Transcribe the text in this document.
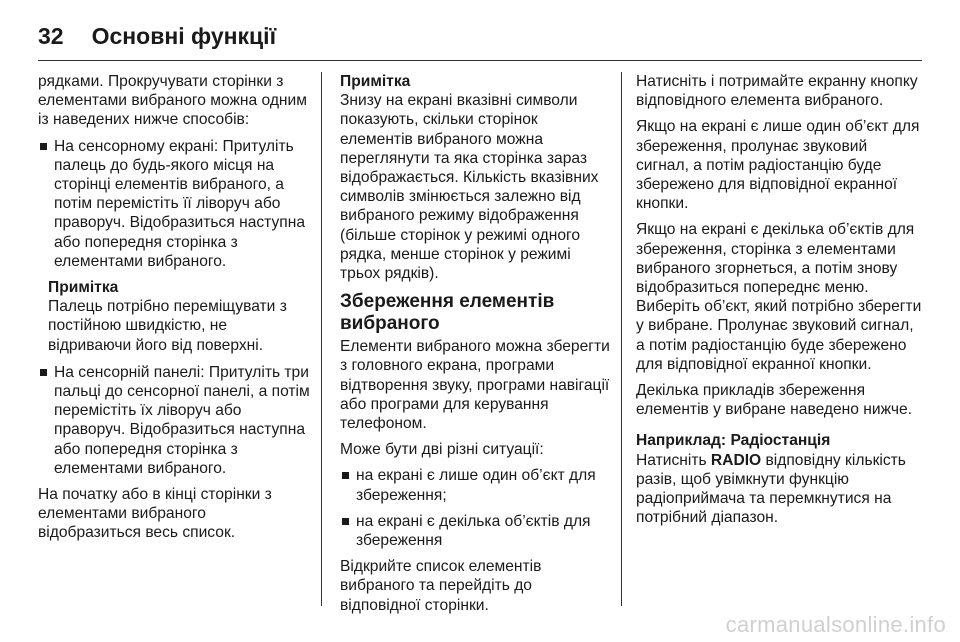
32 Основні функції

рядками. Прокручувати сторінки з елементами вибраного можна одним із наведених нижче способів:

На сенсорному екрані: Притуліть палець до будь-якого місця на сторінці елементів вибраного, а потім перемістіть її ліворуч або праворуч. Відобразиться наступна або попередня сторінка з елементами вибраного.
Примітка
Палець потрібно переміщувати з постійною швидкістю, не відриваючи його від поверхні.
На сенсорній панелі: Притуліть три пальці до сенсорної панелі, а потім перемістіть їх ліворуч або праворуч. Відобразиться наступна або попередня сторінка з елементами вибраного.

На початку або в кінці сторінки з елементами вибраного відобразиться весь список.

Примітка
Знизу на екрані вказівні символи показують, скільки сторінок елементів вибраного можна переглянути та яка сторінка зараз відображається. Кількість вказівних символів змінюється залежно від вибраного режиму відображення (більше сторінок у режимі одного рядка, менше сторінок у режимі трьох рядків).
Збереження елементів вибраного

Елементи вибраного можна зберегти з головного екрана, програми відтворення звуку, програми навігації або програми для керування телефоном.

Може бути дві різні ситуації:

на екрані є лише один об’єкт для збереження;
на екрані є декілька об’єктів для збереження

Відкрийте список елементів вибраного та перейдіть до відповідної сторінки.

Натисніть і потримайте екранну кнопку відповідного елемента вибраного.

Якщо на екрані є лише один об’єкт для збереження, пролунає звуковий сигнал, а потім радіостанцію буде збережено для відповідної екранної кнопки.

Якщо на екрані є декілька об’єктів для збереження, сторінка з елементами вибраного згорнеться, а потім знову відобразиться попереднє меню. Виберіть об’єкт, який потрібно зберегти у вибране. Пролунає звуковий сигнал, а потім радіостанцію буде збережено для відповідної екранної кнопки.

Декілька прикладів збереження елементів у вибране наведено нижче.

Наприклад: Радіостанція

Натисніть RADIO відповідну кількість разів, щоб увімкнути функцію радіоприймача та перемкнутися на потрібний діапазон.

carmanualsonline.info
